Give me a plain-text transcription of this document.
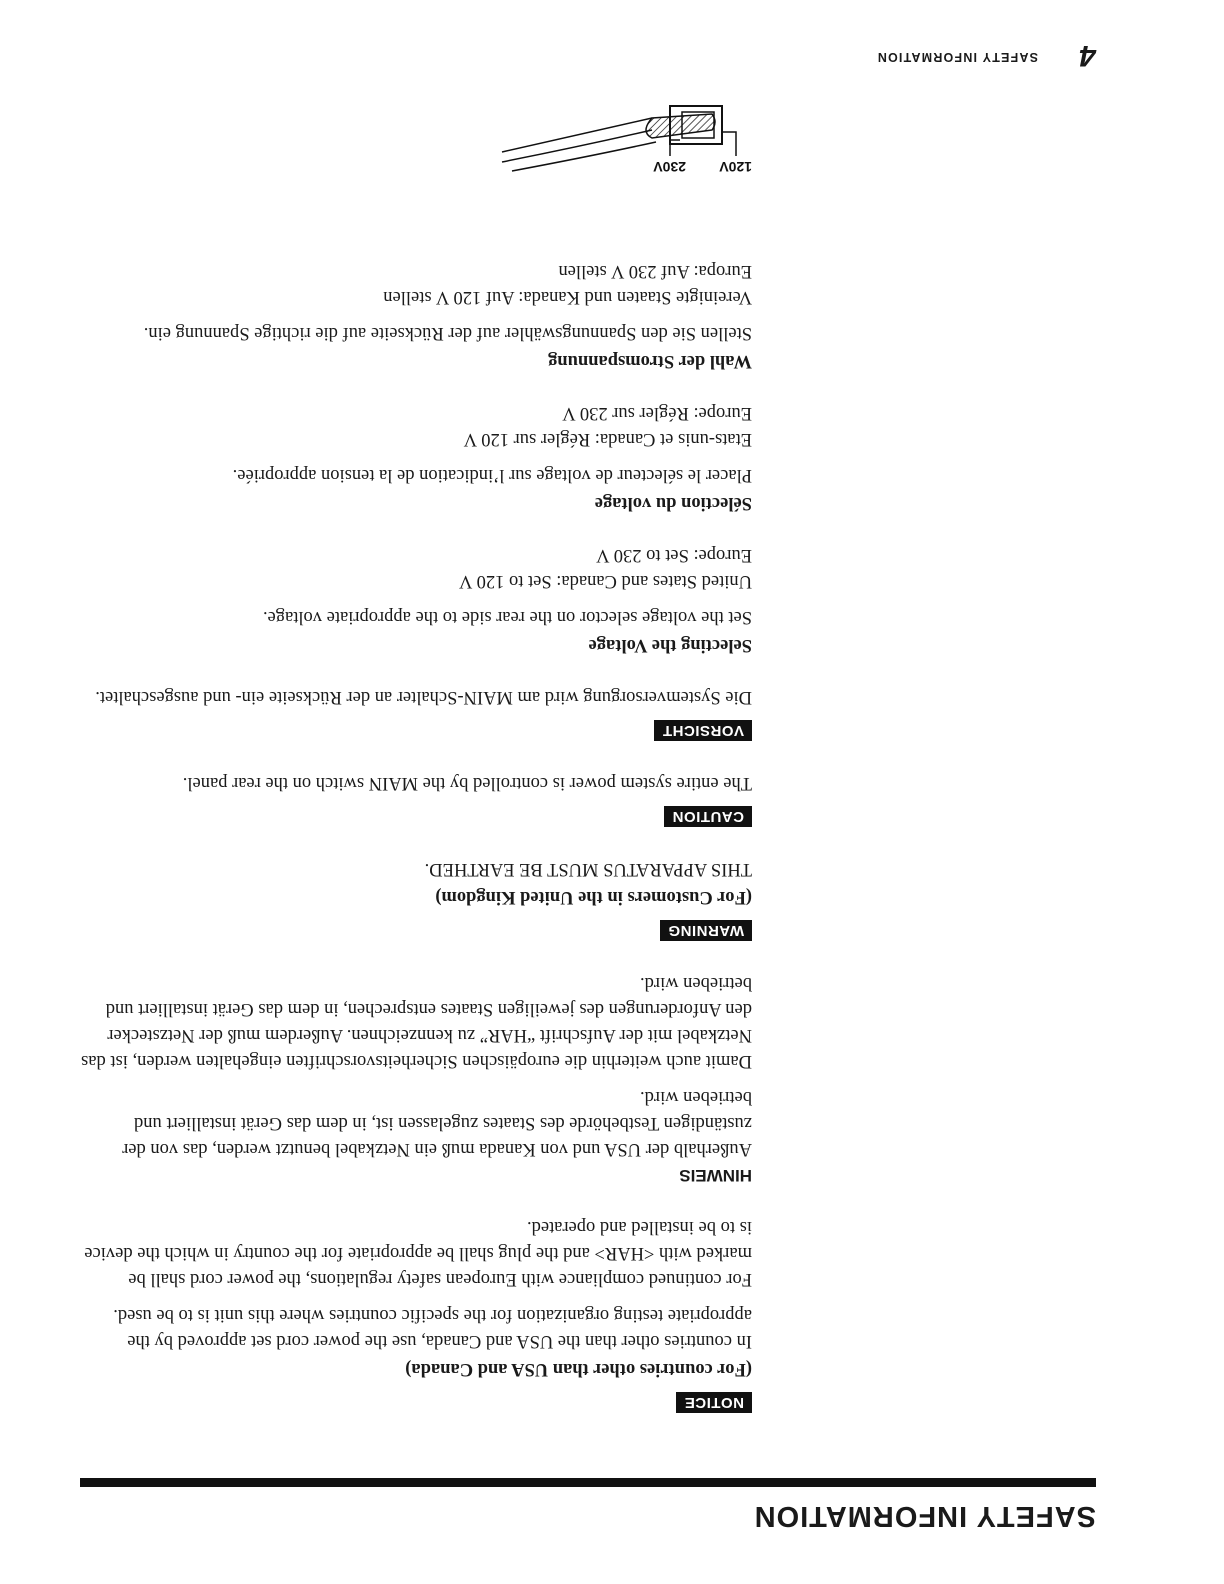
SAFETY INFORMATION
NOTICE
(For countries other than USA and Canada)

In countries other than the USA and Canada, use the power cord set approved by the appropriate testing organization for the specific countries where this unit is to be used.

For continued compliance with European safety regulations, the power cord shall be marked with <HAR> and the plug shall be appropriate for the country in which the device is to be installed and operated.

HINWEIS

Außerhalb der USA und von Kanada muß ein Netzkabel benutzt werden, das von der zuständigen Testbehörde des Staates zugelassen ist, in dem das Gerät installiert und betrieben wird.

Damit auch weiterhin die europäischen Sicherheitsvorschriften eingehalten werden, ist das Netzkabel mit der Aufschrift “HAR” zu kennzeichnen. Außerdem muß der Netzstecker den Anforderungen des jeweiligen Staates entsprechen, in dem das Gerät installiert und betrieben wird.

WARNING
(For Customers in the United Kingdom)

THIS APPARATUS MUST BE EARTHED.

CAUTION

The entire system power is controlled by the MAIN switch on the rear panel.

VORSICHT

Die Systemversorgung wird am MAIN-Schalter an der Rückseite ein- und ausgeschaltet.

Selecting the Voltage

Set the voltage selector on the rear side to the appropriate voltage.

United States and Canada: Set to 120 V
Europe: Set to 230 V
Sélection du voltage

Placer le sélecteur de voltage sur l’indication de la tension appropriée.

Etats-unis et Canada: Régler sur 120 V
Europe: Régler sur 230 V
Wahl der Stromspannung

Stellen Sie den Spannungswähler auf der Rückseite auf die richtige Spannung ein.

Vereinigte Staaten und Kanada: Auf 120 V stellen
Europa: Auf 230 V stellen
120V
230V
SAFETY INFORMATION 4
